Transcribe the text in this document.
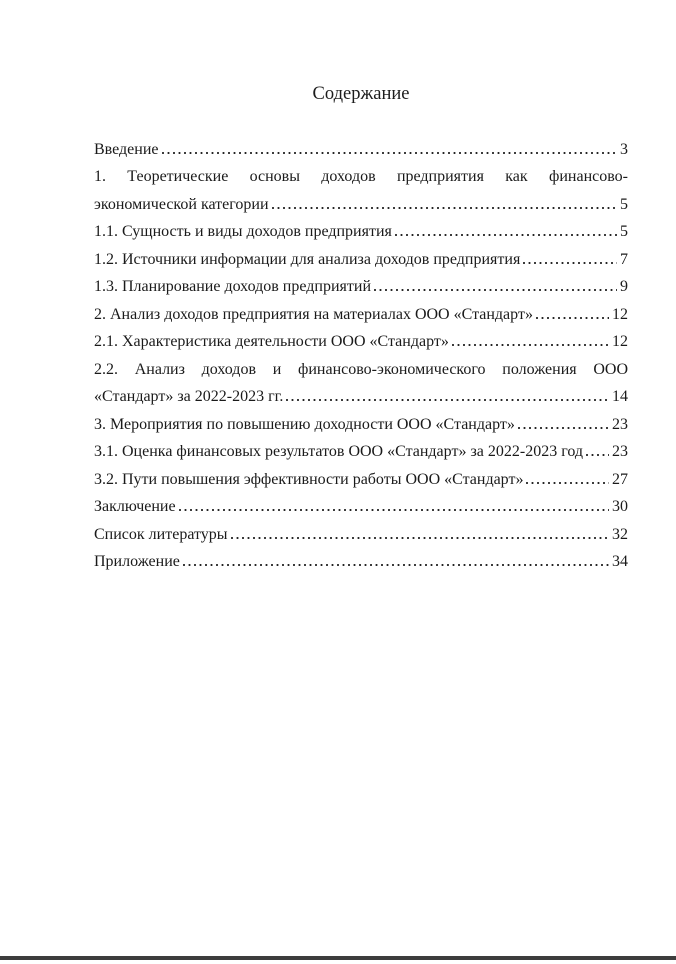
Содержание
Введение	3
1. Теоретические основы доходов предприятия как финансово-
экономической категории	5
1.1. Сущность и виды доходов предприятия	5
1.2. Источники информации для анализа доходов предприятия	7
1.3. Планирование доходов предприятий	9
2. Анализ доходов предприятия на материалах ООО «Стандарт»	12
2.1. Характеристика деятельности ООО «Стандарт»	12
2.2. Анализ доходов и финансово-экономического положения ООО
«Стандарт» за 2022-2023 гг.	14
3. Мероприятия по повышению доходности ООО «Стандарт»	23
3.1. Оценка финансовых результатов ООО «Стандарт» за 2022-2023 год 23
3.2. Пути повышения эффективности работы ООО «Стандарт»	27
Заключение	30
Список литературы	32
Приложение	34
